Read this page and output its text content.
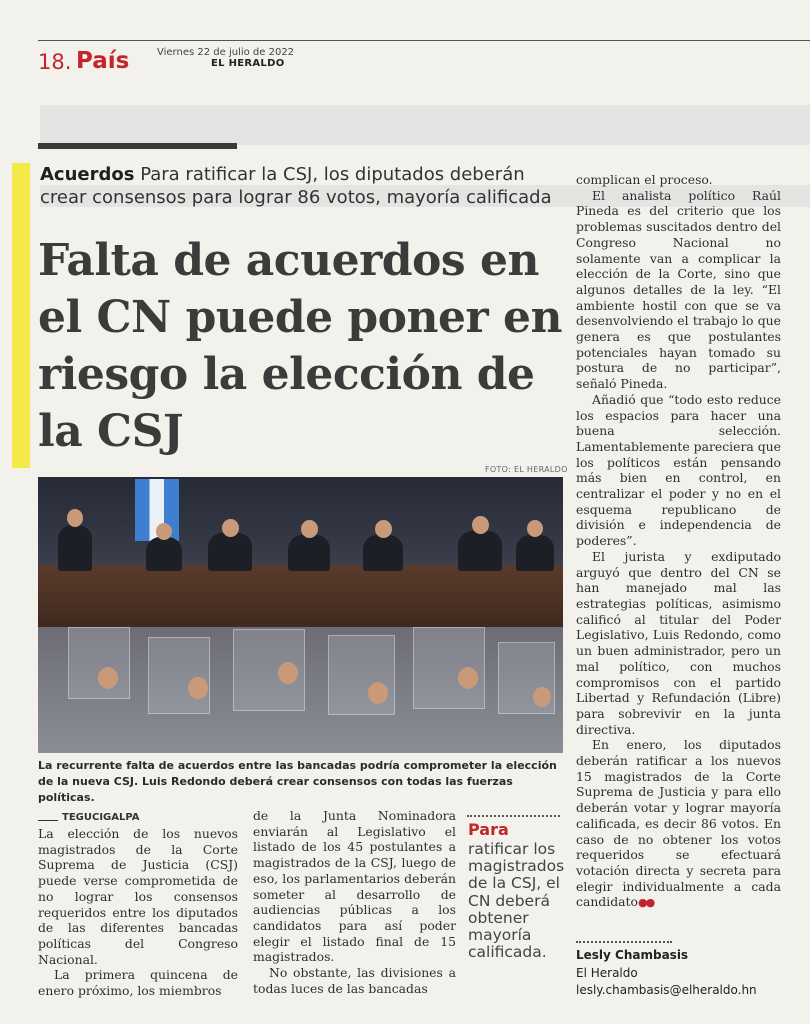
18. País	Viernes 22 de julio de 2022
EL HERALDO
Acuerdos Para ratificar la CSJ, los diputados deberán crear consensos para lograr 86 votos, mayoría calificada
Falta de acuerdos en el CN puede poner en riesgo la elección de la CSJ
FOTO: EL HERALDO
La recurrente falta de acuerdos entre las bancadas podría comprometer la elección de la nueva CSJ. Luis Redondo deberá crear consensos con todas las fuerzas políticas.
TEGUCIGALPA

La elección de los nuevos magistrados de la Corte Suprema de Justicia (CSJ) puede verse comprometida de no lograr los consensos requeridos entre los diputados de las diferentes bancadas políticas del Congreso Nacional.

La primera quincena de enero próximo, los miembros

de la Junta Nominadora enviarán al Legislativo el listado de los 45 postulantes a magistrados de la CSJ, luego de eso, los parlamentarios deberán someter al desarrollo de audiencias públicas a los candidatos para así poder elegir el listado final de 15 magistrados.

No obstante, las divisiones a todas luces de las bancadas

Para
ratificar los magistrados de la CSJ, el CN deberá obtener mayoría calificada.

complican el proceso.

El analista político Raúl Pineda es del criterio que los problemas suscitados dentro del Congreso Nacional no solamente van a complicar la elección de la Corte, sino que algunos detalles de la ley. “El ambiente hostil con que se va desenvolviendo el trabajo lo que genera es que postulantes potenciales hayan tomado su postura de no participar”, señaló Pineda.

Añadió que “todo esto reduce los espacios para hacer una buena selección. Lamentablemente pareciera que los políticos están pensando más bien en control, en centralizar el poder y no en el esquema republicano de división e independencia de poderes”.

El jurista y exdiputado arguyó que dentro del CN se han manejado mal las estrategias políticas, asimismo calificó al titular del Poder Legislativo, Luis Redondo, como un buen administrador, pero un mal político, con muchos compromisos con el partido Libertad y Refundación (Libre) para sobrevivir en la junta directiva.

En enero, los diputados deberán ratificar a los nuevos 15 magistrados de la Corte Suprema de Justicia y para ello deberán votar y lograr mayoría calificada, es decir 86 votos. En caso de no obtener los votos requeridos se efectuará votación directa y secreta para elegir individualmente a cada candidato●●

Lesly Chambasis
El Heraldo
lesly.chambasis@elheraldo.hn
